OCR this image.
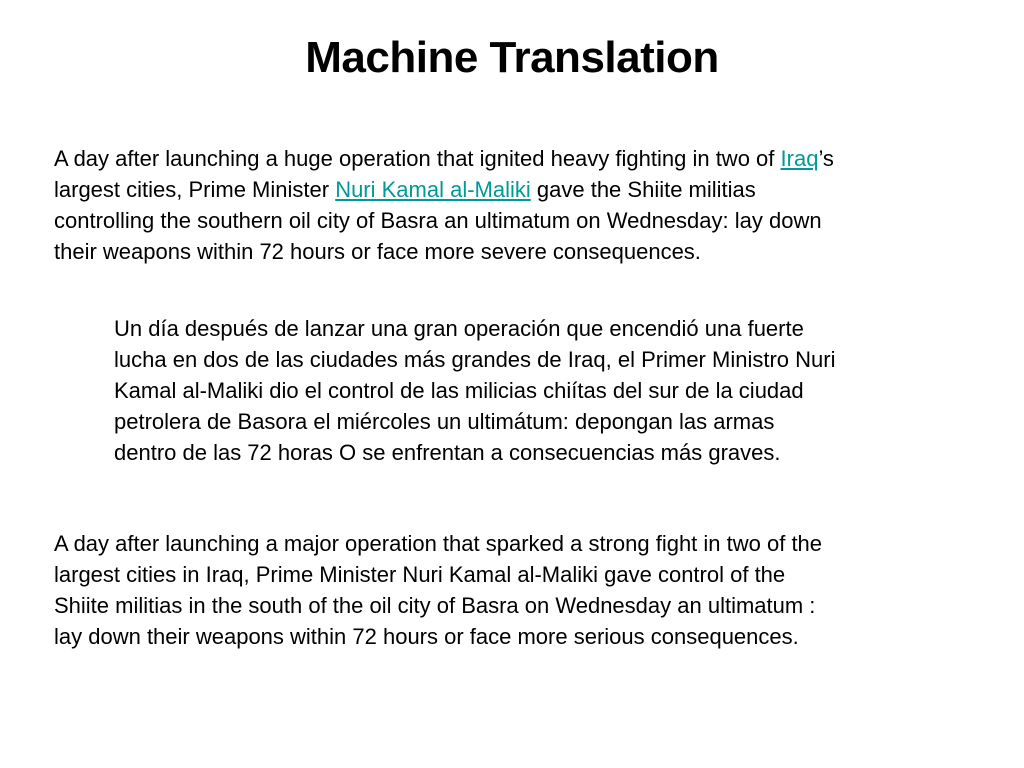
Machine Translation

A day after launching a huge operation that ignited heavy fighting in two of Iraq’s
largest cities, Prime Minister Nuri Kamal al-Maliki gave the Shiite militias
controlling the southern oil city of Basra an ultimatum on Wednesday: lay down
their weapons within 72 hours or face more severe consequences.

Un día después de lanzar una gran operación que encendió una fuerte
lucha en dos de las ciudades más grandes de Iraq, el Primer Ministro Nuri
Kamal al-Maliki dio el control de las milicias chiítas del sur de la ciudad
petrolera de Basora el miércoles un ultimátum: depongan las armas
dentro de las 72 horas O se enfrentan a consecuencias más graves.

A day after launching a major operation that sparked a strong fight in two of the
largest cities in Iraq, Prime Minister Nuri Kamal al-Maliki gave control of the
Shiite militias in the south of the oil city of Basra on Wednesday an ultimatum :
lay down their weapons within 72 hours or face more serious consequences.
